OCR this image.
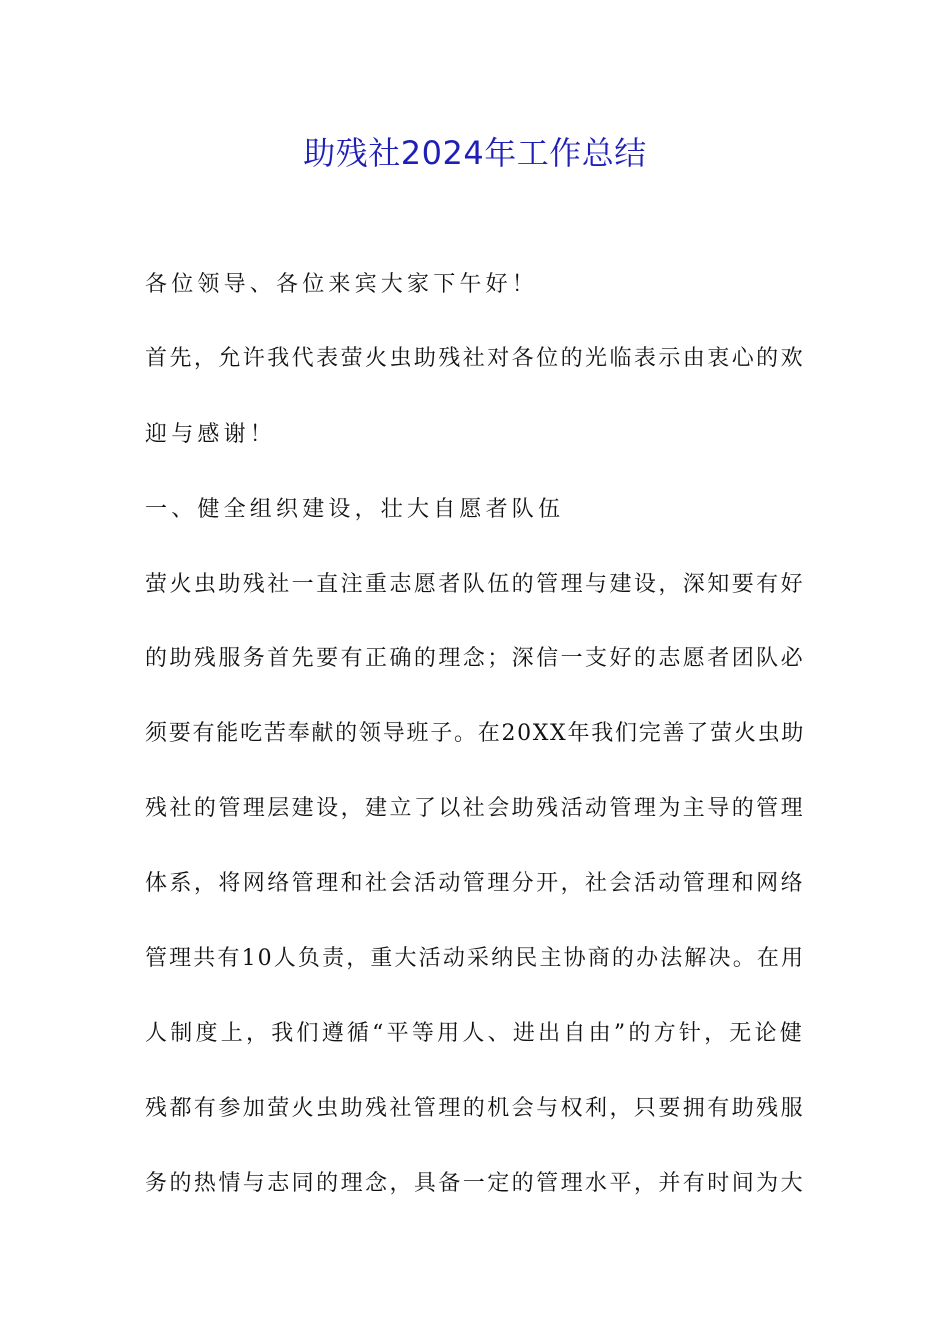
助残社2024年工作总结
各位领导、各位来宾大家下午好！
首先，允许我代表萤火虫助残社对各位的光临表示由衷心的欢
迎与感谢！
一、健全组织建设，壮大自愿者队伍
萤火虫助残社一直注重志愿者队伍的管理与建设，深知要有好
的助残服务首先要有正确的理念；深信一支好的志愿者团队必
须要有能吃苦奉献的领导班子。在20XX年我们完善了萤火虫助
残社的管理层建设，建立了以社会助残活动管理为主导的管理
体系，将网络管理和社会活动管理分开，社会活动管理和网络
管理共有10人负责，重大活动采纳民主协商的办法解决。在用
人制度上，我们遵循“平等用人、进出自由”的方针，无论健
残都有参加萤火虫助残社管理的机会与权利，只要拥有助残服
务的热情与志同的理念，具备一定的管理水平，并有时间为大
